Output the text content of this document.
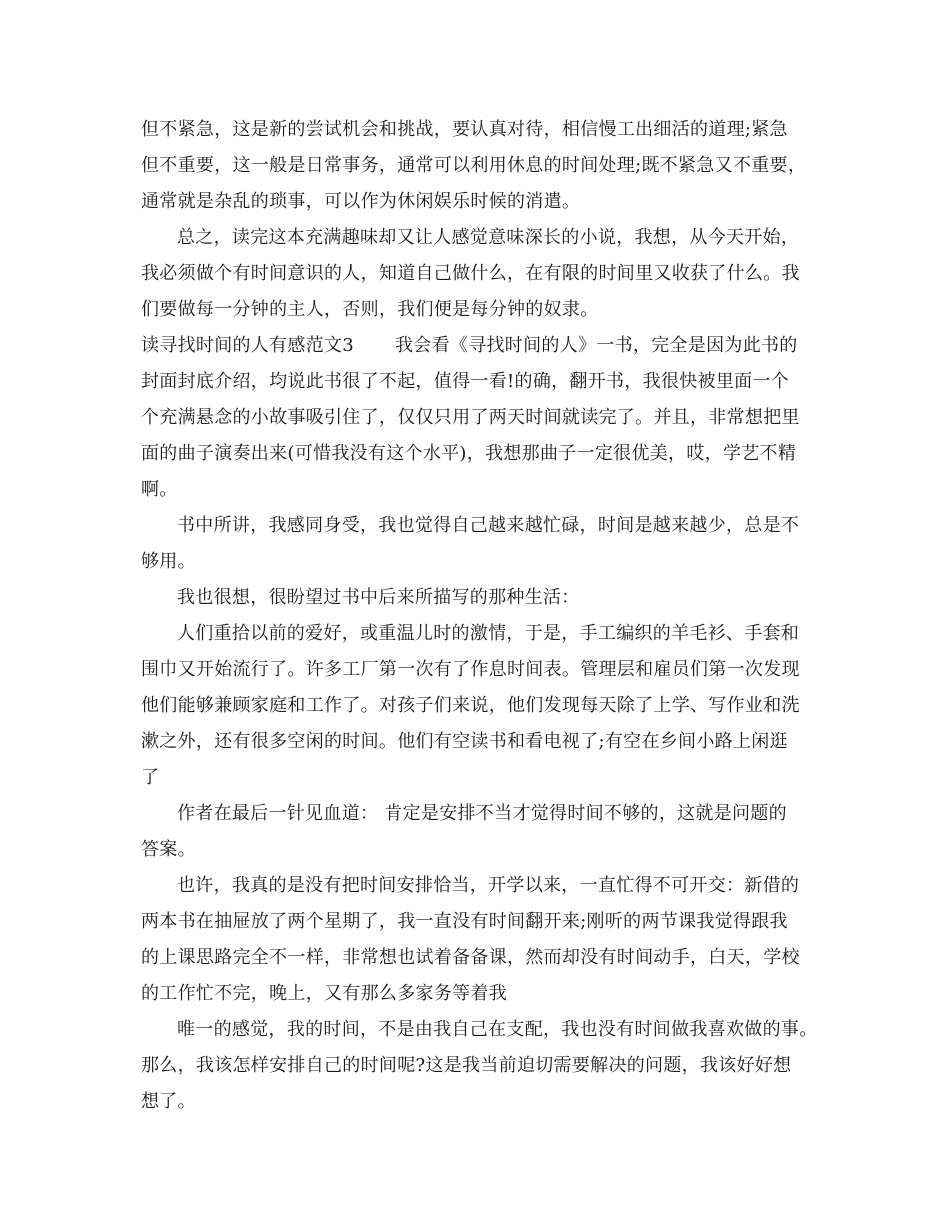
但不紧急，这是新的尝试机会和挑战，要认真对待，相信慢工出细活的道理;紧急
但不重要，这一般是日常事务，通常可以利用休息的时间处理;既不紧急又不重要，
通常就是杂乱的琐事，可以作为休闲娱乐时候的消遣。
总之，读完这本充满趣味却又让人感觉意味深长的小说，我想，从今天开始，
我必须做个有时间意识的人，知道自己做什么，在有限的时间里又收获了什么。我
们要做每一分钟的主人，否则，我们便是每分钟的奴隶。
读寻找时间的人有感范文3 我会看《寻找时间的人》一书，完全是因为此书的
封面封底介绍，均说此书很了不起，值得一看!的确，翻开书，我很快被里面一个
个充满悬念的小故事吸引住了，仅仅只用了两天时间就读完了。并且，非常想把里
面的曲子演奏出来(可惜我没有这个水平)，我想那曲子一定很优美，哎，学艺不精
啊。
书中所讲，我感同身受，我也觉得自己越来越忙碌，时间是越来越少，总是不
够用。
我也很想，很盼望过书中后来所描写的那种生活：
人们重拾以前的爱好，或重温儿时的激情，于是，手工编织的羊毛衫、手套和
围巾又开始流行了。许多工厂第一次有了作息时间表。管理层和雇员们第一次发现
他们能够兼顾家庭和工作了。对孩子们来说，他们发现每天除了上学、写作业和洗
漱之外，还有很多空闲的时间。他们有空读书和看电视了;有空在乡间小路上闲逛
了
作者在最后一针见血道： 肯定是安排不当才觉得时间不够的，这就是问题的
答案。
也许，我真的是没有把时间安排恰当，开学以来，一直忙得不可开交：新借的
两本书在抽屉放了两个星期了，我一直没有时间翻开来;刚听的两节课我觉得跟我
的上课思路完全不一样，非常想也试着备备课，然而却没有时间动手，白天，学校
的工作忙不完，晚上，又有那么多家务等着我
唯一的感觉，我的时间，不是由我自己在支配，我也没有时间做我喜欢做的事。
那么，我该怎样安排自己的时间呢?这是我当前迫切需要解决的问题，我该好好想
想了。
